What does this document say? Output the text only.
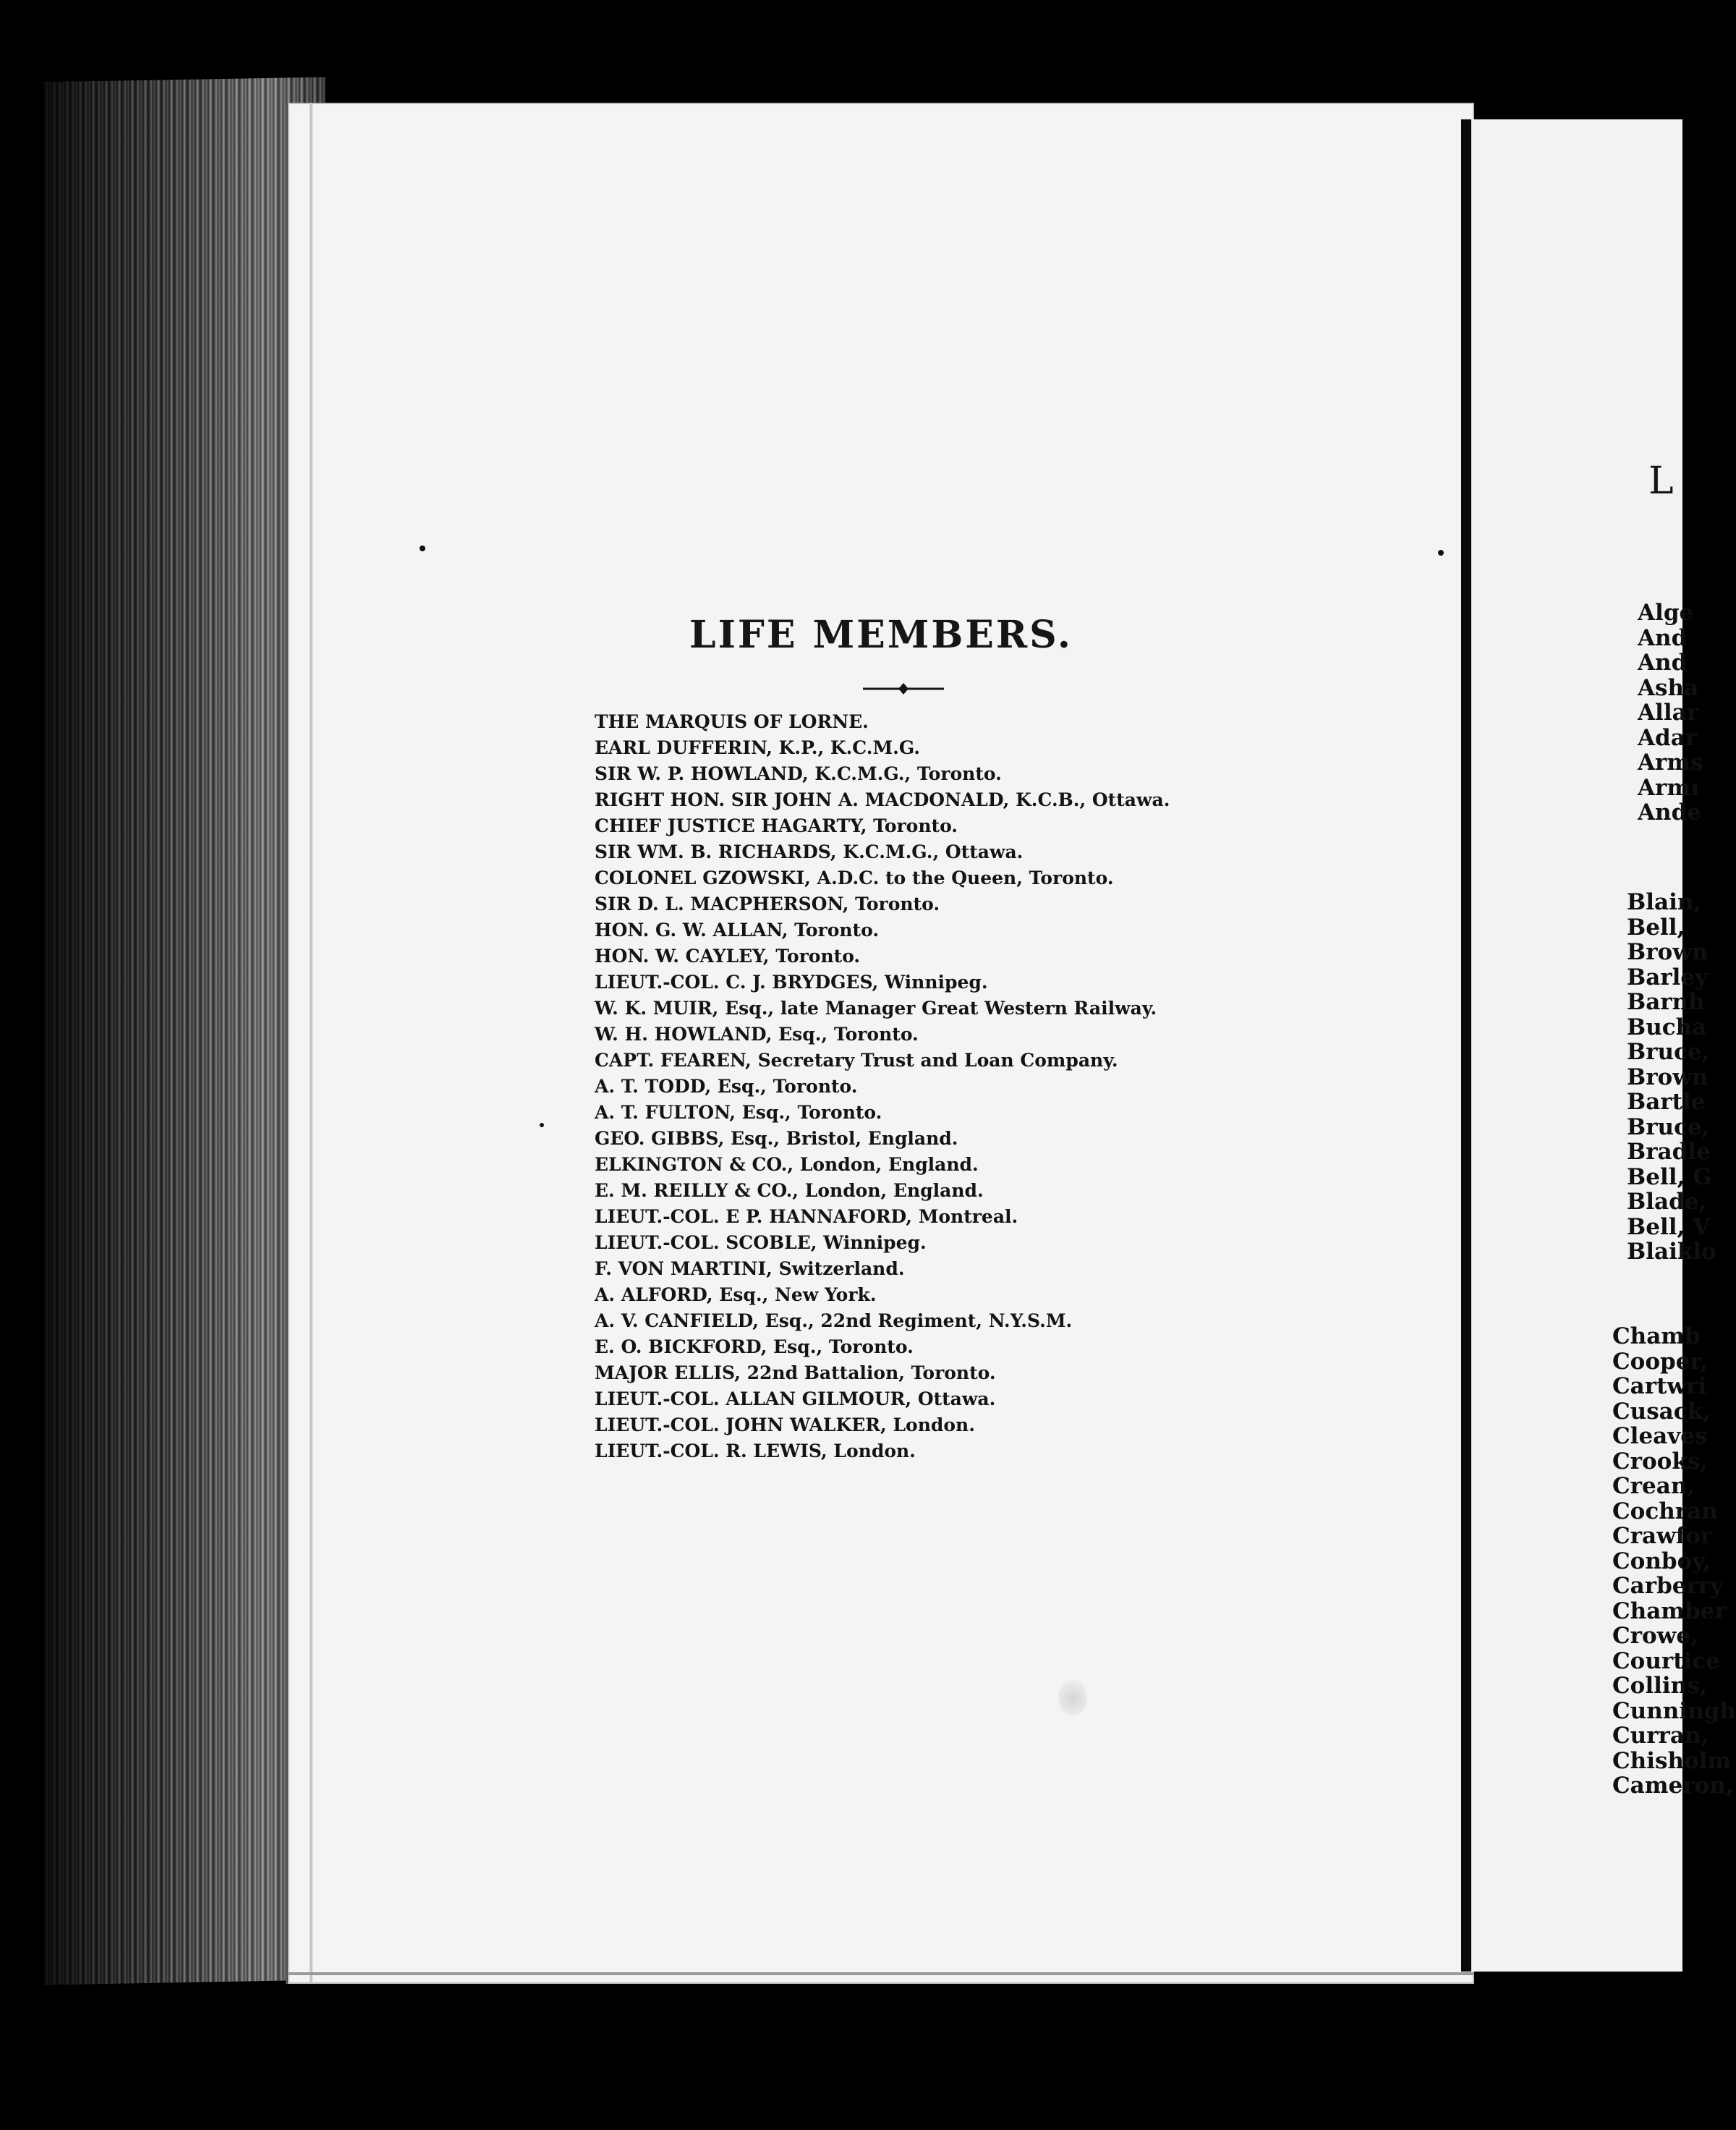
LIFE MEMBERS.
THE MARQUIS OF LORNE.
EARL DUFFERIN, K.P., K.C.M.G.
SIR W. P. HOWLAND, K.C.M.G., Toronto.
RIGHT HON. SIR JOHN A. MACDONALD, K.C.B., Ottawa.
CHIEF JUSTICE HAGARTY, Toronto.
SIR WM. B. RICHARDS, K.C.M.G., Ottawa.
COLONEL GZOWSKI, A.D.C. to the Queen, Toronto.
SIR D. L. MACPHERSON, Toronto.
HON. G. W. ALLAN, Toronto.
HON. W. CAYLEY, Toronto.
LIEUT.-COL. C. J. BRYDGES, Winnipeg.
W. K. MUIR, Esq., late Manager Great Western Railway.
W. H. HOWLAND, Esq., Toronto.
CAPT. FEAREN, Secretary Trust and Loan Company.
A. T. TODD, Esq., Toronto.
A. T. FULTON, Esq., Toronto.
GEO. GIBBS, Esq., Bristol, England.
ELKINGTON & CO., London, England.
E. M. REILLY & CO., London, England.
LIEUT.-COL. E P. HANNAFORD, Montreal.
LIEUT.-COL. SCOBLE, Winnipeg.
F. VON MARTINI, Switzerland.
A. ALFORD, Esq., New York.
A. V. CANFIELD, Esq., 22nd Regiment, N.Y.S.M.
E. O. BICKFORD, Esq., Toronto.
MAJOR ELLIS, 22nd Battalion, Toronto.
LIEUT.-COL. ALLAN GILMOUR, Ottawa.
LIEUT.-COL. JOHN WALKER, London.
LIEUT.-COL. R. LEWIS, London.
L
Alge
And
And
Asha
Allar
Adar
Arms
Armı
Ande
Blain,
Bell,
Brown
Barley
Barnh
Bucha
Bruce,
Brown
Bartle
Bruce,
Bradle
Bell, G
Blade,
Bell, V
Blaiklo
Chamb
Cooper,
Cartwri
Cusack,
Cleaves
Crooks,
Crean,
Cochran
Crawfor
Conboy,
Carberry
Chamber
Crowe,
Courtice
Collins,
Cunningh
Curran,
Chisholm
Cameron,
